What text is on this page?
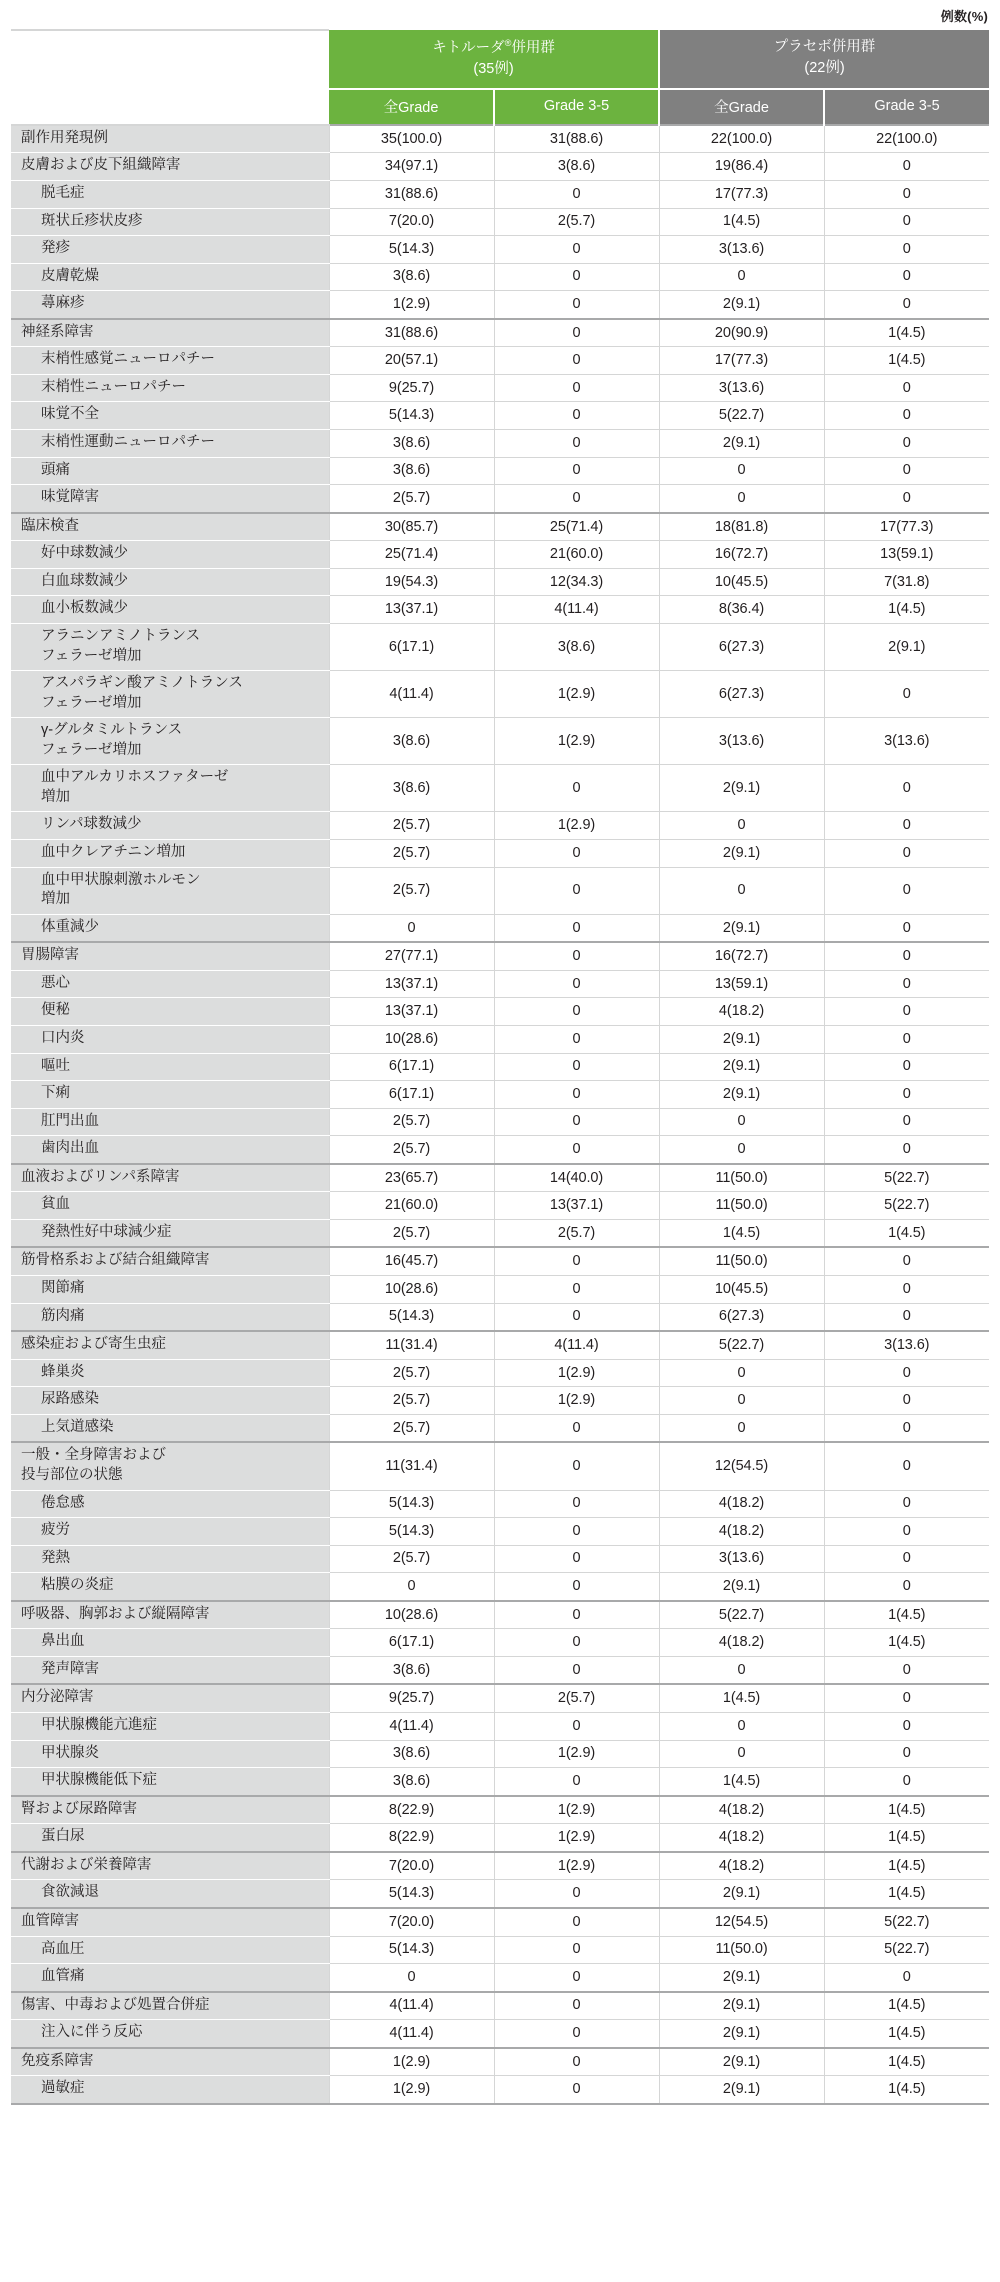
例数(%)
	キトルーダ®併用群
(35例)		プラセボ併用群
(22例)	
	全Grade	Grade 3-5	全Grade	Grade 3-5
副作用発現例	35(100.0)	31(88.6)	22(100.0)	22(100.0)
皮膚および皮下組織障害	34(97.1)	3(8.6)	19(86.4)	0
脱毛症	31(88.6)	0	17(77.3)	0
斑状丘疹状皮疹	7(20.0)	2(5.7)	1(4.5)	0
発疹	5(14.3)	0	3(13.6)	0
皮膚乾燥	3(8.6)	0	0	0
蕁麻疹	1(2.9)	0	2(9.1)	0
神経系障害	31(88.6)	0	20(90.9)	1(4.5)
末梢性感覚ニューロパチー	20(57.1)	0	17(77.3)	1(4.5)
末梢性ニューロパチー	9(25.7)	0	3(13.6)	0
味覚不全	5(14.3)	0	5(22.7)	0
末梢性運動ニューロパチー	3(8.6)	0	2(9.1)	0
頭痛	3(8.6)	0	0	0
味覚障害	2(5.7)	0	0	0
臨床検査	30(85.7)	25(71.4)	18(81.8)	17(77.3)
好中球数減少	25(71.4)	21(60.0)	16(72.7)	13(59.1)
白血球数減少	19(54.3)	12(34.3)	10(45.5)	7(31.8)
血小板数減少	13(37.1)	4(11.4)	8(36.4)	1(4.5)
アラニンアミノトランス
フェラーゼ増加	6(17.1)	3(8.6)	6(27.3)	2(9.1)
アスパラギン酸アミノトランス
フェラーゼ増加	4(11.4)	1(2.9)	6(27.3)	0
γ-グルタミルトランス
フェラーゼ増加	3(8.6)	1(2.9)	3(13.6)	3(13.6)
血中アルカリホスファターゼ
増加	3(8.6)	0	2(9.1)	0
リンパ球数減少	2(5.7)	1(2.9)	0	0
血中クレアチニン増加	2(5.7)	0	2(9.1)	0
血中甲状腺刺激ホルモン
増加	2(5.7)	0	0	0
体重減少	0	0	2(9.1)	0
胃腸障害	27(77.1)	0	16(72.7)	0
悪心	13(37.1)	0	13(59.1)	0
便秘	13(37.1)	0	4(18.2)	0
口内炎	10(28.6)	0	2(9.1)	0
嘔吐	6(17.1)	0	2(9.1)	0
下痢	6(17.1)	0	2(9.1)	0
肛門出血	2(5.7)	0	0	0
歯肉出血	2(5.7)	0	0	0
血液およびリンパ系障害	23(65.7)	14(40.0)	11(50.0)	5(22.7)
貧血	21(60.0)	13(37.1)	11(50.0)	5(22.7)
発熱性好中球減少症	2(5.7)	2(5.7)	1(4.5)	1(4.5)
筋骨格系および結合組織障害	16(45.7)	0	11(50.0)	0
関節痛	10(28.6)	0	10(45.5)	0
筋肉痛	5(14.3)	0	6(27.3)	0
感染症および寄生虫症	11(31.4)	4(11.4)	5(22.7)	3(13.6)
蜂巣炎	2(5.7)	1(2.9)	0	0
尿路感染	2(5.7)	1(2.9)	0	0
上気道感染	2(5.7)	0	0	0
一般・全身障害および
投与部位の状態	11(31.4)	0	12(54.5)	0
倦怠感	5(14.3)	0	4(18.2)	0
疲労	5(14.3)	0	4(18.2)	0
発熱	2(5.7)	0	3(13.6)	0
粘膜の炎症	0	0	2(9.1)	0
呼吸器、胸郭および縦隔障害	10(28.6)	0	5(22.7)	1(4.5)
鼻出血	6(17.1)	0	4(18.2)	1(4.5)
発声障害	3(8.6)	0	0	0
内分泌障害	9(25.7)	2(5.7)	1(4.5)	0
甲状腺機能亢進症	4(11.4)	0	0	0
甲状腺炎	3(8.6)	1(2.9)	0	0
甲状腺機能低下症	3(8.6)	0	1(4.5)	0
腎および尿路障害	8(22.9)	1(2.9)	4(18.2)	1(4.5)
蛋白尿	8(22.9)	1(2.9)	4(18.2)	1(4.5)
代謝および栄養障害	7(20.0)	1(2.9)	4(18.2)	1(4.5)
食欲減退	5(14.3)	0	2(9.1)	1(4.5)
血管障害	7(20.0)	0	12(54.5)	5(22.7)
高血圧	5(14.3)	0	11(50.0)	5(22.7)
血管痛	0	0	2(9.1)	0
傷害、中毒および処置合併症	4(11.4)	0	2(9.1)	1(4.5)
注入に伴う反応	4(11.4)	0	2(9.1)	1(4.5)
免疫系障害	1(2.9)	0	2(9.1)	1(4.5)
過敏症	1(2.9)	0	2(9.1)	1(4.5)
